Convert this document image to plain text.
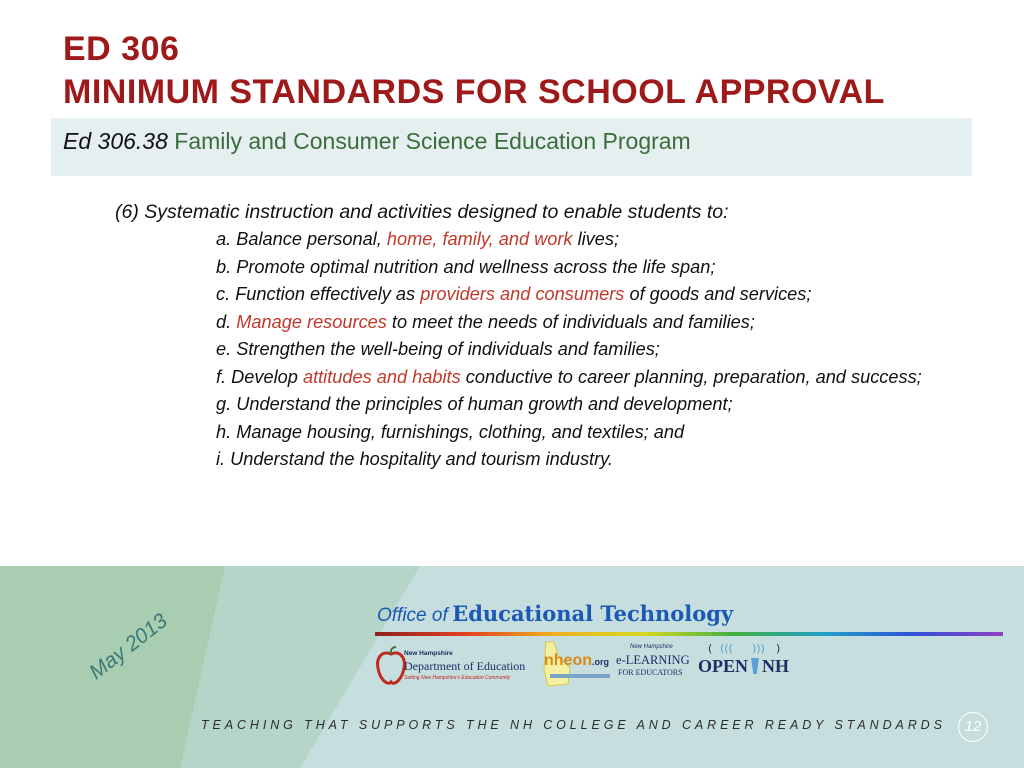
ED 306
MINIMUM STANDARDS FOR SCHOOL APPROVAL
Ed 306.38 Family and Consumer Science Education Program
(6) Systematic instruction and activities designed to enable students to:
a. Balance personal, home, family, and work lives;
b. Promote optimal nutrition and wellness across the life span;
c. Function effectively as providers and consumers of goods and services;
d. Manage resources to meet the needs of individuals and families;
e. Strengthen the well-being of individuals and families;
f. Develop attitudes and habits conductive to career planning, preparation, and success;
g. Understand the principles of human growth and development;
h. Manage housing, furnishings, clothing, and textiles; and
i. Understand the hospitality and tourism industry.
Office of Educational Technology
New Hampshire
Department of Education
Setting New Hampshire's Education Community
nheon.org
New Hampshire
e-LEARNING
FOR EDUCATORS
( ((( ))) )
OPEN NH
May 2013
TEACHING THAT SUPPORTS THE NH COLLEGE AND CAREER READY STANDARDS	12
